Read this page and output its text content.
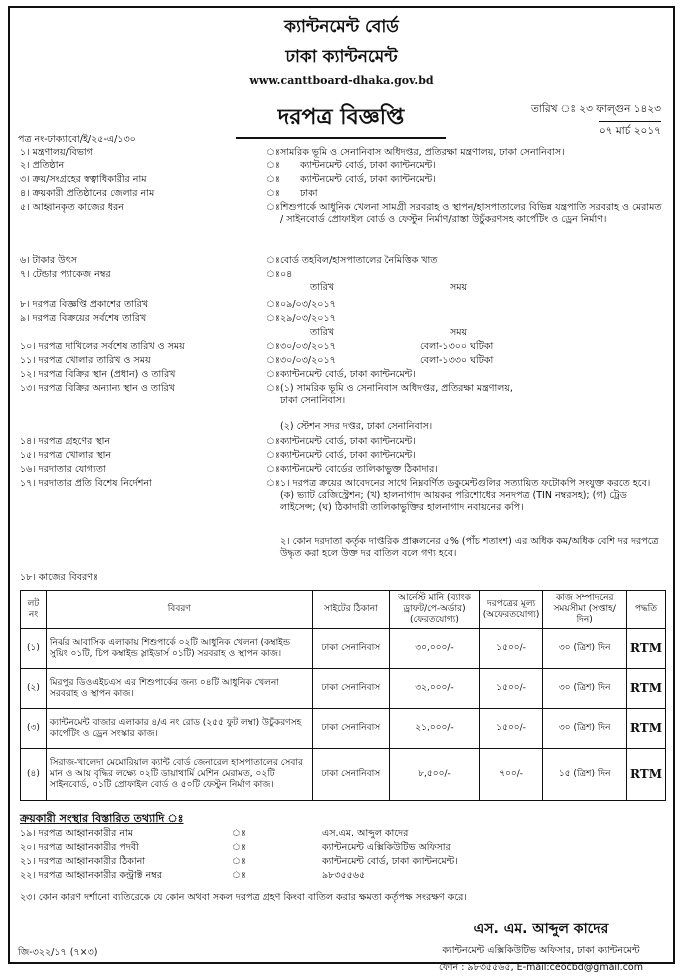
ক্যান্টনমেন্ট বোর্ড
ঢাকা ক্যান্টনমেন্ট
www.canttboard-dhaka.gov.bd
দরপত্র বিজ্ঞপ্তি	তারিখ ঃ ২৩ ফাল্গুন ১৪২৩
০৭ মার্চ ২০১৭
পত্র নং-ঢাক্যাবো/ই/২৫-এ/১৩০
১। মন্ত্রণালয়/বিভাগ	ঃ সামরিক ভূমি ও সেনানিবাস অধিদপ্তর, প্রতিরক্ষা মন্ত্রণালয়, ঢাকা সেনানিবাস।
২। প্রতিষ্ঠান	ঃ ক্যান্টনমেন্ট বোর্ড, ঢাকা ক্যান্টনমেন্ট।
৩। ক্রয়/সংগ্রহের স্বত্বাধিকারীর নাম	ঃ ক্যান্টনমেন্ট বোর্ড, ঢাকা ক্যান্টনমেন্ট।
৪। ক্রয়কারী প্রতিষ্ঠানের জেলার নাম	ঃ ঢাকা
৫। আহ্বানকৃত কাজের ধরন	ঃ শিশুপার্কে আধুনিক খেলনা সামগ্রী সরবরাহ ও স্থাপন/হাসপাতালের বিভিন্ন যন্ত্রপাতি সরবরাহ ও মেরামত / সাইনবোর্ড প্রোফাইল বোর্ড ও ফেস্টুন নির্মাণ/রাস্তা উচুঁকরণসহ কার্পেটিং ও ড্রেন নির্মাণ।
৬। টাকার উৎস	ঃ বোর্ড তহবিল/হাসপাতালের নৈমিত্তিক খাত
৭। টেন্ডার প্যাকেজ নম্বর	ঃ ০৪
তারিখ	সময়
৮। দরপত্র বিজ্ঞপ্তি প্রকাশের তারিখ	ঃ ০৯/০৩/২০১৭
৯। দরপত্র বিক্রয়ের সর্বশেষ তারিখ	ঃ ২৯/০৩/২০১৭
তারিখ	সময়
১০। দরপত্র দাখিলের সর্বশেষ তারিখ ও সময়	ঃ ৩০/০৩/২০১৭	বেলা-১৩০০ ঘটিকা
১১। দরপত্র খোলার তারিখ ও সময়	ঃ ৩০/০৩/২০১৭	বেলা-১৩৩০ ঘটিকা
১২। দরপত্র বিক্রির স্থান (প্রধান) ও তারিখ	ঃ ক্যান্টনমেন্ট বোর্ড, ঢাকা ক্যান্টনমেন্ট।
১৩। দরপত্র বিক্রির অন্যান্য স্থান ও তারিখ	ঃ (১) সামরিক ভূমি ও সেনানিবাস অধিদপ্তর, প্রতিরক্ষা মন্ত্রণালয়, ঢাকা সেনানিবাস।
(২) স্টেশন সদর দপ্তর, ঢাকা সেনানিবাস।
১৪। দরপত্র গ্রহণের স্থান	ঃ ক্যান্টনমেন্ট বোর্ড, ঢাকা ক্যান্টনমেন্ট।
১৫। দরপত্র খোলার স্থান	ঃ ক্যান্টনমেন্ট বোর্ড, ঢাকা ক্যান্টনমেন্ট।
১৬। দরদাতার যোগ্যতা	ঃ ক্যান্টনমেন্ট বোর্ডের তালিকাভুক্ত ঠিকাদার।
১৭। দরদাতার প্রতি বিশেষ নির্দেশনা	ঃ ১। দরপত্র ক্রয়ের আবেদনের সাথে নিম্নবর্ণিত ডকুমেন্টগুলির সত্যায়িত ফটোকপি সংযুক্ত করতে হবে। (ক) ভ্যাট রেজিস্ট্রেশন; (খ) হালনাগাদ আয়কর পরিশোধের সনদপত্র (TIN নম্বরসহ); (গ) ট্রেড লাইসেন্স; (ঘ) ঠিকাদারী তালিকাভুক্তির হালনাগাদ নবায়নের কপি।
২। কোন দরদাতা কর্তৃক দাপ্তরিক প্রাক্কলনের ৫% (পাঁচ শতাংশ) এর অধিক কম/অধিক বেশি দর দরপত্রে উদ্ধৃত করা হলে উক্ত দর বাতিল বলে গণ্য হবে।
১৮। কাজের বিবরণঃ
লট নং	বিবরণ	সাইটের ঠিকানা	আর্নেস্ট মানি (ব্যাংক ড্রাফট/পে-অর্ডার) (ফেরতযোগ্য)	দরপত্রের মূল্য (অফেরতযোগ্য)	কাজ সম্পাদনের সময়সীমা (সপ্তাহ/দিন)	পদ্ধতি
(১)	নির্ঝর আবাসিক এলাকায় শিশুপার্কে ০২টি আধুনিক খেলনা (কম্বাইন্ড সুয়িং ০১টি, চিপ কম্বাইন্ড স্লাইডার্স ০১টি) সরবরাহ ও স্থাপন কাজ।	ঢাকা সেনানিবাস	৩০,০০০/-	১৫০০/-	৩০ (ত্রিশ) দিন	RTM
(২)	মিরপুর ডিওএইচএস এর শিশুপার্কের জন্য ০৪টি আধুনিক খেলনা সরবরাহ ও স্থাপন কাজ।	ঢাকা সেনানিবাস	৩২,০০০/-	১৫০০/-	৩০ (ত্রিশ) দিন	RTM
(৩)	ক্যান্টনমেন্ট বাজার এলাকার ৪/এ নং রোড (২৫৫ ফুট লম্বা) উচুঁকরণসহ কার্পেটিং ও ড্রেন সংস্কার কাজ।	ঢাকা সেনানিবাস	২১,০০০/-	১৫০০/-	৩০ (ত্রিশ) দিন	RTM
(৪)	সিরাজ-খালেদা মেমোরিয়াল ক্যান্ট বোর্ড জেনারেল হাসপাতালের সেবার মান ও আয় বৃদ্ধির লক্ষ্যে ০২টি ডায়াথার্মি মেশিন মেরামত, ০২টি সাইনবোর্ড, ০১টি প্রোফাইল বোর্ড ও ৫০টি ফেস্টুন নির্মাণ কাজ।	ঢাকা সেনানিবাস	৮,৫০০/-	৭০০/-	১৫ (ত্রিশ) দিন	RTM
ক্রয়কারী সংস্থার বিস্তারিত তথ্যাদি ঃ
১৯। দরপত্র আহ্বানকারীর নাম	ঃ	এস.এম. আব্দুল কাদের
২০। দরপত্র আহ্বানকারীর পদবী	ঃ	ক্যান্টনমেন্ট এক্সিকিউটিভ অফিসার
২১। দরপত্র আহ্বানকারীর ঠিকানা	ঃ	ক্যান্টনমেন্ট বোর্ড, ঢাকা ক্যান্টনমেন্ট।
২২। দরপত্র আহ্বানকারীর কন্ট্রাক্ট নম্বর	ঃ	৯৮৩৫৫৬৫
২৩। কোন কারণ দর্শানো ব্যতিরেকে যে কোন অথবা সকল দরপত্র গ্রহণ কিংবা বাতিল করার ক্ষমতা কর্তৃপক্ষ সংরক্ষণ করে।
এস. এম. আব্দুল কাদের
ক্যান্টনমেন্ট এক্সিকিউটিভ অফিসার, ঢাকা ক্যান্টনমেন্ট
ফোন : ৯৮৩৫৫৬৫, E-mail:ceocbd@gmail.com
জি-৩২২/১৭ (৭×৩)
